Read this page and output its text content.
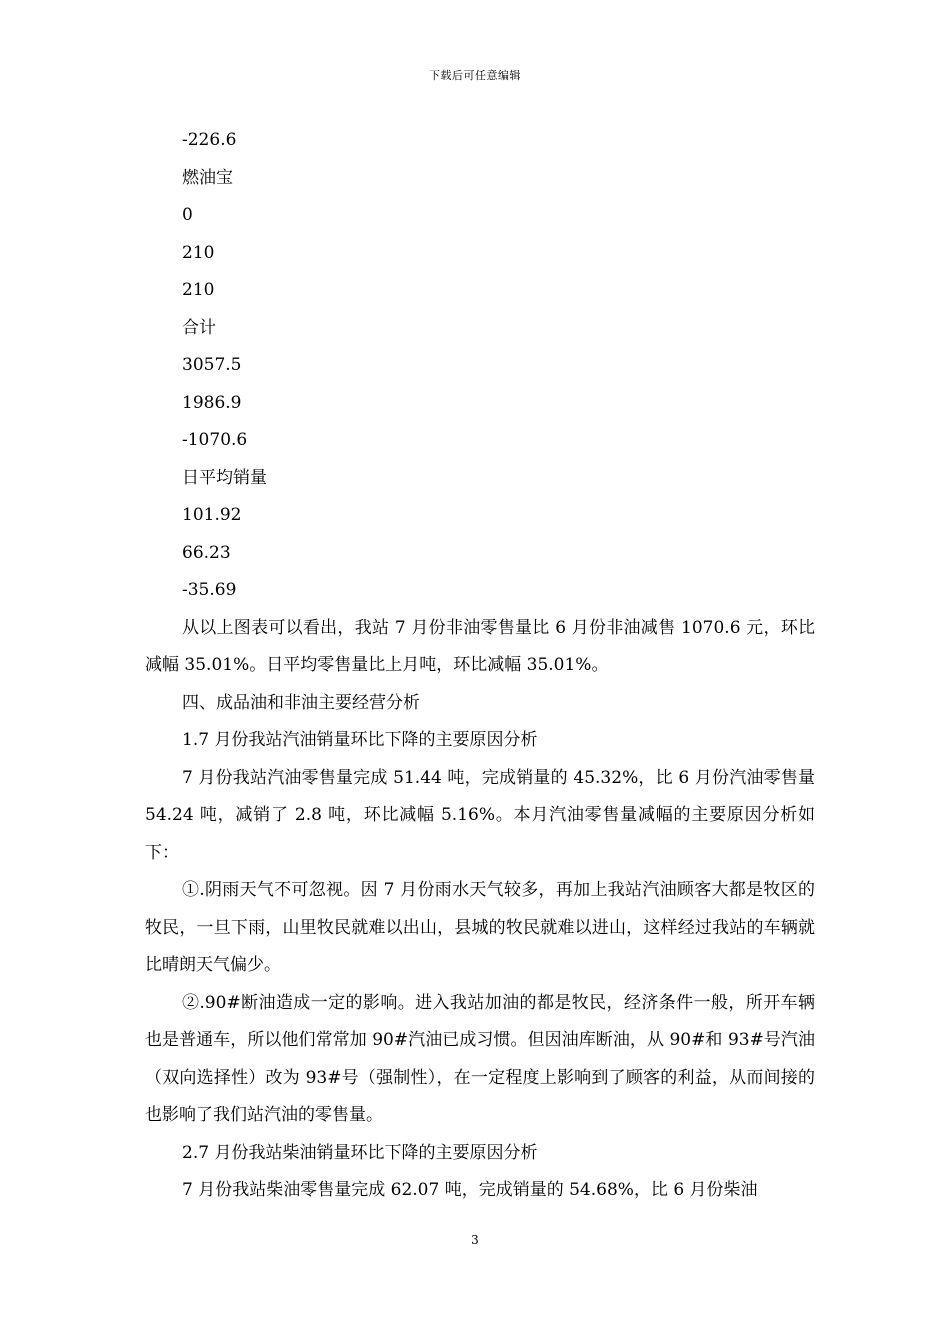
下载后可任意编辑
-226.6
燃油宝
0
210
210
合计
3057.5
1986.9
-1070.6
日平均销量
101.92
66.23
-35.69

从以上图表可以看出，我站 7 月份非油零售量比 6 月份非油减售 1070.6 元，环比减幅 35.01%。日平均零售量比上月吨，环比减幅 35.01%。

四、成品油和非油主要经营分析

1.7 月份我站汽油销量环比下降的主要原因分析

7 月份我站汽油零售量完成 51.44 吨，完成销量的 45.32%，比 6 月份汽油零售量 54.24 吨，减销了 2.8 吨，环比减幅 5.16%。本月汽油零售量减幅的主要原因分析如下：

①.阴雨天气不可忽视。因 7 月份雨水天气较多，再加上我站汽油顾客大都是牧区的牧民，一旦下雨，山里牧民就难以出山，县城的牧民就难以进山，这样经过我站的车辆就比晴朗天气偏少。

②.90#断油造成一定的影响。进入我站加油的都是牧民，经济条件一般，所开车辆也是普通车，所以他们常常加 90#汽油已成习惯。但因油库断油，从 90#和 93#号汽油（双向选择性）改为 93#号（强制性），在一定程度上影响到了顾客的利益，从而间接的也影响了我们站汽油的零售量。

2.7 月份我站柴油销量环比下降的主要原因分析

7 月份我站柴油零售量完成 62.07 吨，完成销量的 54.68%，比 6 月份柴油

3
